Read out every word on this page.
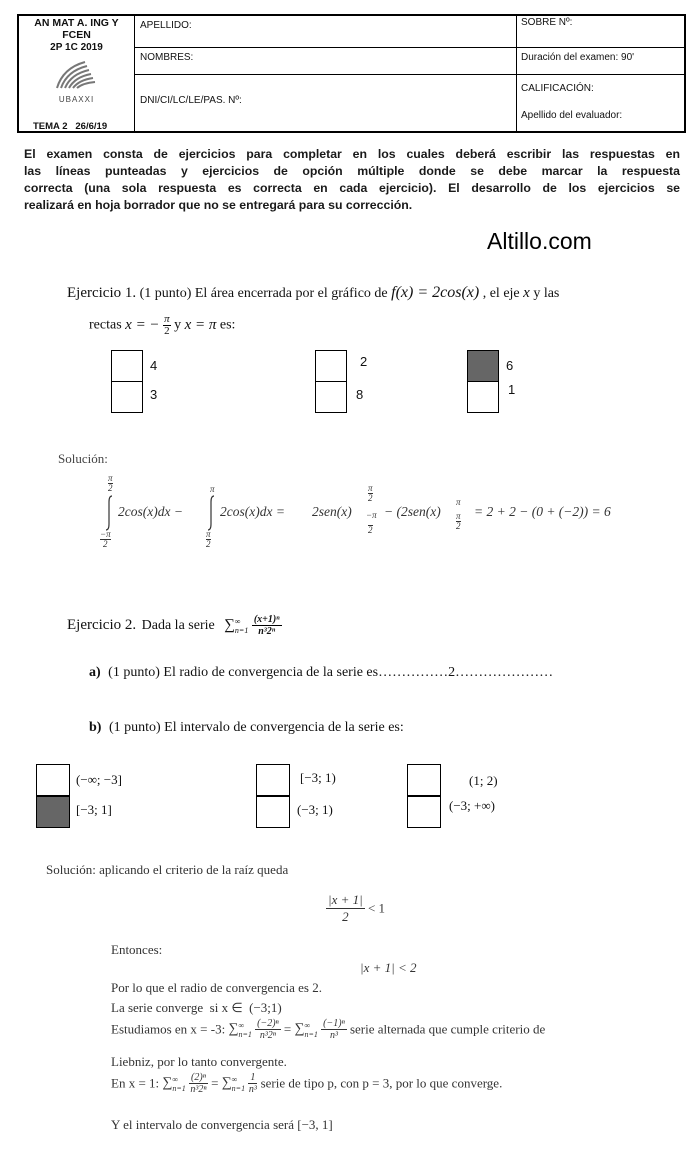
AN MAT A. ING Y
FCEN
2P 1C 2019
UBAXXI
TEMA 2   26/6/19
APELLIDO:
NOMBRES:
DNI/CI/LC/LE/PAS. Nº:
SOBRE Nº:
Duración del examen: 90'
CALIFICACIÓN:
Apellido del evaluador:
El examen consta de ejercicios para completar en los cuales deberá escribir las respuestas en
las líneas punteadas y ejercicios de opción múltiple donde se debe marcar la respuesta
correcta (una sola respuesta es correcta en cada ejercicio). El desarrollo de los ejercicios se
realizará en hoja borrador que no se entregará para su corrección.
Altillo.com
Ejercicio 1. (1 punto) El área encerrada por el gráfico de f(x) = 2cos(x) , el eje x y las
rectas x = − $\frac{\pi}{2}$ y x = π es:
4
3
2
8
6
1
Solución:
π
2
−π
2
2cos(x)dx −
π
π
2
2cos(x)dx = 2sen(x)
π
2
−π
2
− (2sen(x)
π
π
2
= 2 + 2 − (0 + (−2)) = 6
Ejercicio 2. Dada la serie ∑ ∞
n=1
$\frac{\text{(x+1)ⁿ}}{\text{n³2ⁿ}}$
a) (1 punto) El radio de convergencia de la serie es……………2…………………
b) (1 punto) El intervalo de convergencia de la serie es:
(−∞; −3]
[−3; 1]
[−3; 1)
(−3; 1)
(1; 2)
(−3; +∞)
Solución: aplicando el criterio de la raíz queda
$\frac{|x + 1|}{2} < 1$
Entonces:
|x + 1| < 2
Por lo que el radio de convergencia es 2.
La serie converge  si x ∈  (−3;1)
Estudiamos en x = -3: ∑ ∞
n=1
$\frac{\text{(−2)ⁿ}}{\text{n³2ⁿ}}$ = ∑ ∞
n=1
$\frac{\text{(−1)ⁿ}}{\text{n³}}$ serie alternada que cumple criterio de
Liebniz, por lo tanto convergente.
En x = 1: ∑ ∞
n=1
$\frac{\text{(2)ⁿ}}{\text{n³2ⁿ}}$ = ∑ ∞
n=1
$\frac{1}{\text{n³}}$ serie de tipo p, con p = 3, por lo que converge.
Y el intervalo de convergencia será [−3, 1]
